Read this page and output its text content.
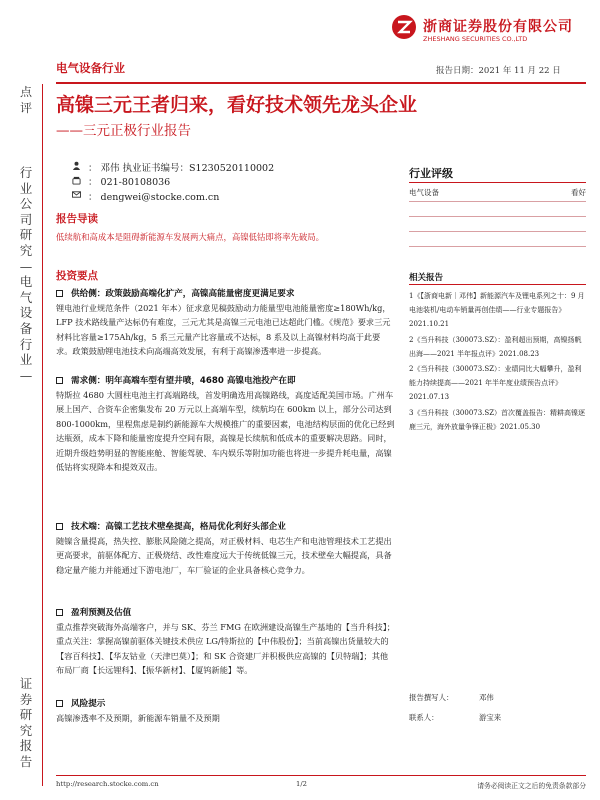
浙商证券股份有限公司
ZHESHANG SECURITIES CO.,LTD
电气设备行业	报告日期：2021 年 11 月 22 日
点评
行业公司研究—电气设备行业—
证券研究报告
高镍三元王者归来，看好技术领先龙头企业
——三元正极行业报告
： 邓伟 执业证书编号：S1230520110002
： 021-80108036
： dengwei@stocke.com.cn
报告导读
低续航和高成本是阻碍新能源车发展两大痛点，高镍低钴即将率先破局。
投资要点
供给侧：政策鼓励高端化扩产，高镍高能量密度更满足要求
锂电池行业规范条件（2021 年本）征求意见稿鼓励动力能量型电池能量密度≥180Wh/kg，LFP 技术路线量产达标仍有难度，三元尤其是高镍三元电池已达超此门槛。《规范》要求三元材料比容量≥175Ah/kg，5 系三元量产比容量或不达标，8 系及以上高镍材料均高于此要求。政策鼓励锂电池技术向高端高效发展，有利于高镍渗透率进一步提高。
需求侧：明年高端车型有望井喷，4680 高镍电池投产在即
特斯拉 4680 大圆柱电池主打高端路线，首发明确选用高镍路线，高度适配美国市场。广州车展上国产、合资车企密集发布 20 万元以上高端车型，续航均在 600km 以上，部分公司达到 800-1000km，里程焦虑是制约新能源车大规模推广的重要因素，电池结构层面的优化已经到达瓶颈，成本下降和能量密度提升空间有限，高镍是长续航和低成本的重要解决思路。同时，近期升级趋势明显的智能座舱、智能驾驶、车内娱乐等附加功能也将进一步提升耗电量，高镍低钴将实现降本和提效双击。
技术端：高镍工艺技术壁垒提高，格局优化利好头部企业
随镍含量提高，热失控、膨胀风险随之提高，对正极材料、电芯生产和电池管理技术工艺提出更高要求，前驱体配方、正极烧结、改性难度远大于传统低镍三元，技术壁垒大幅提高，具备稳定量产能力并能通过下游电池厂，车厂验证的企业具备核心竞争力。
盈利预测及估值
重点推荐突破海外高端客户，并与 SK、芬兰 FMG 在欧洲建设高镍生产基地的【当升科技】；重点关注：掌握高镍前驱体关键技术供应 LG/特斯拉的【中伟股份】；当前高镍出货量较大的【容百科技】、【华友钴业（天津巴莫）】；和 SK 合资建厂并积极供应高镍的【贝特瑞】；其他布局厂商【长远锂科】、【振华新材】、【厦钨新能】等。
风险提示
高镍渗透率不及预期，新能源车销量不及预期
行业评级
电气设备	看好
相关报告
1《【浙商电新｜邓伟】新能源汽车及锂电系列之十：9 月电池装机/电动车销量再创佳绩——行业专题报告》2021.10.21
2《当升科技（300073.SZ）：盈利超出预期，高镍扬帆出海——2021 半年报点评》2021.08.23
2《当升科技（300073.SZ）：业绩同比大幅攀升，盈利能力持续提高——2021 年半年度业绩预告点评》2021.07.13
3《当升科技（300073.SZ）首次覆盖报告：精耕高镍逐鹿三元，海外放量争锋正极》2021.05.30
报告撰写人：	邓伟
联系人：	游宝来
http://research.stocke.com.cn	1/2	请务必阅读正文之后的免责条款部分
